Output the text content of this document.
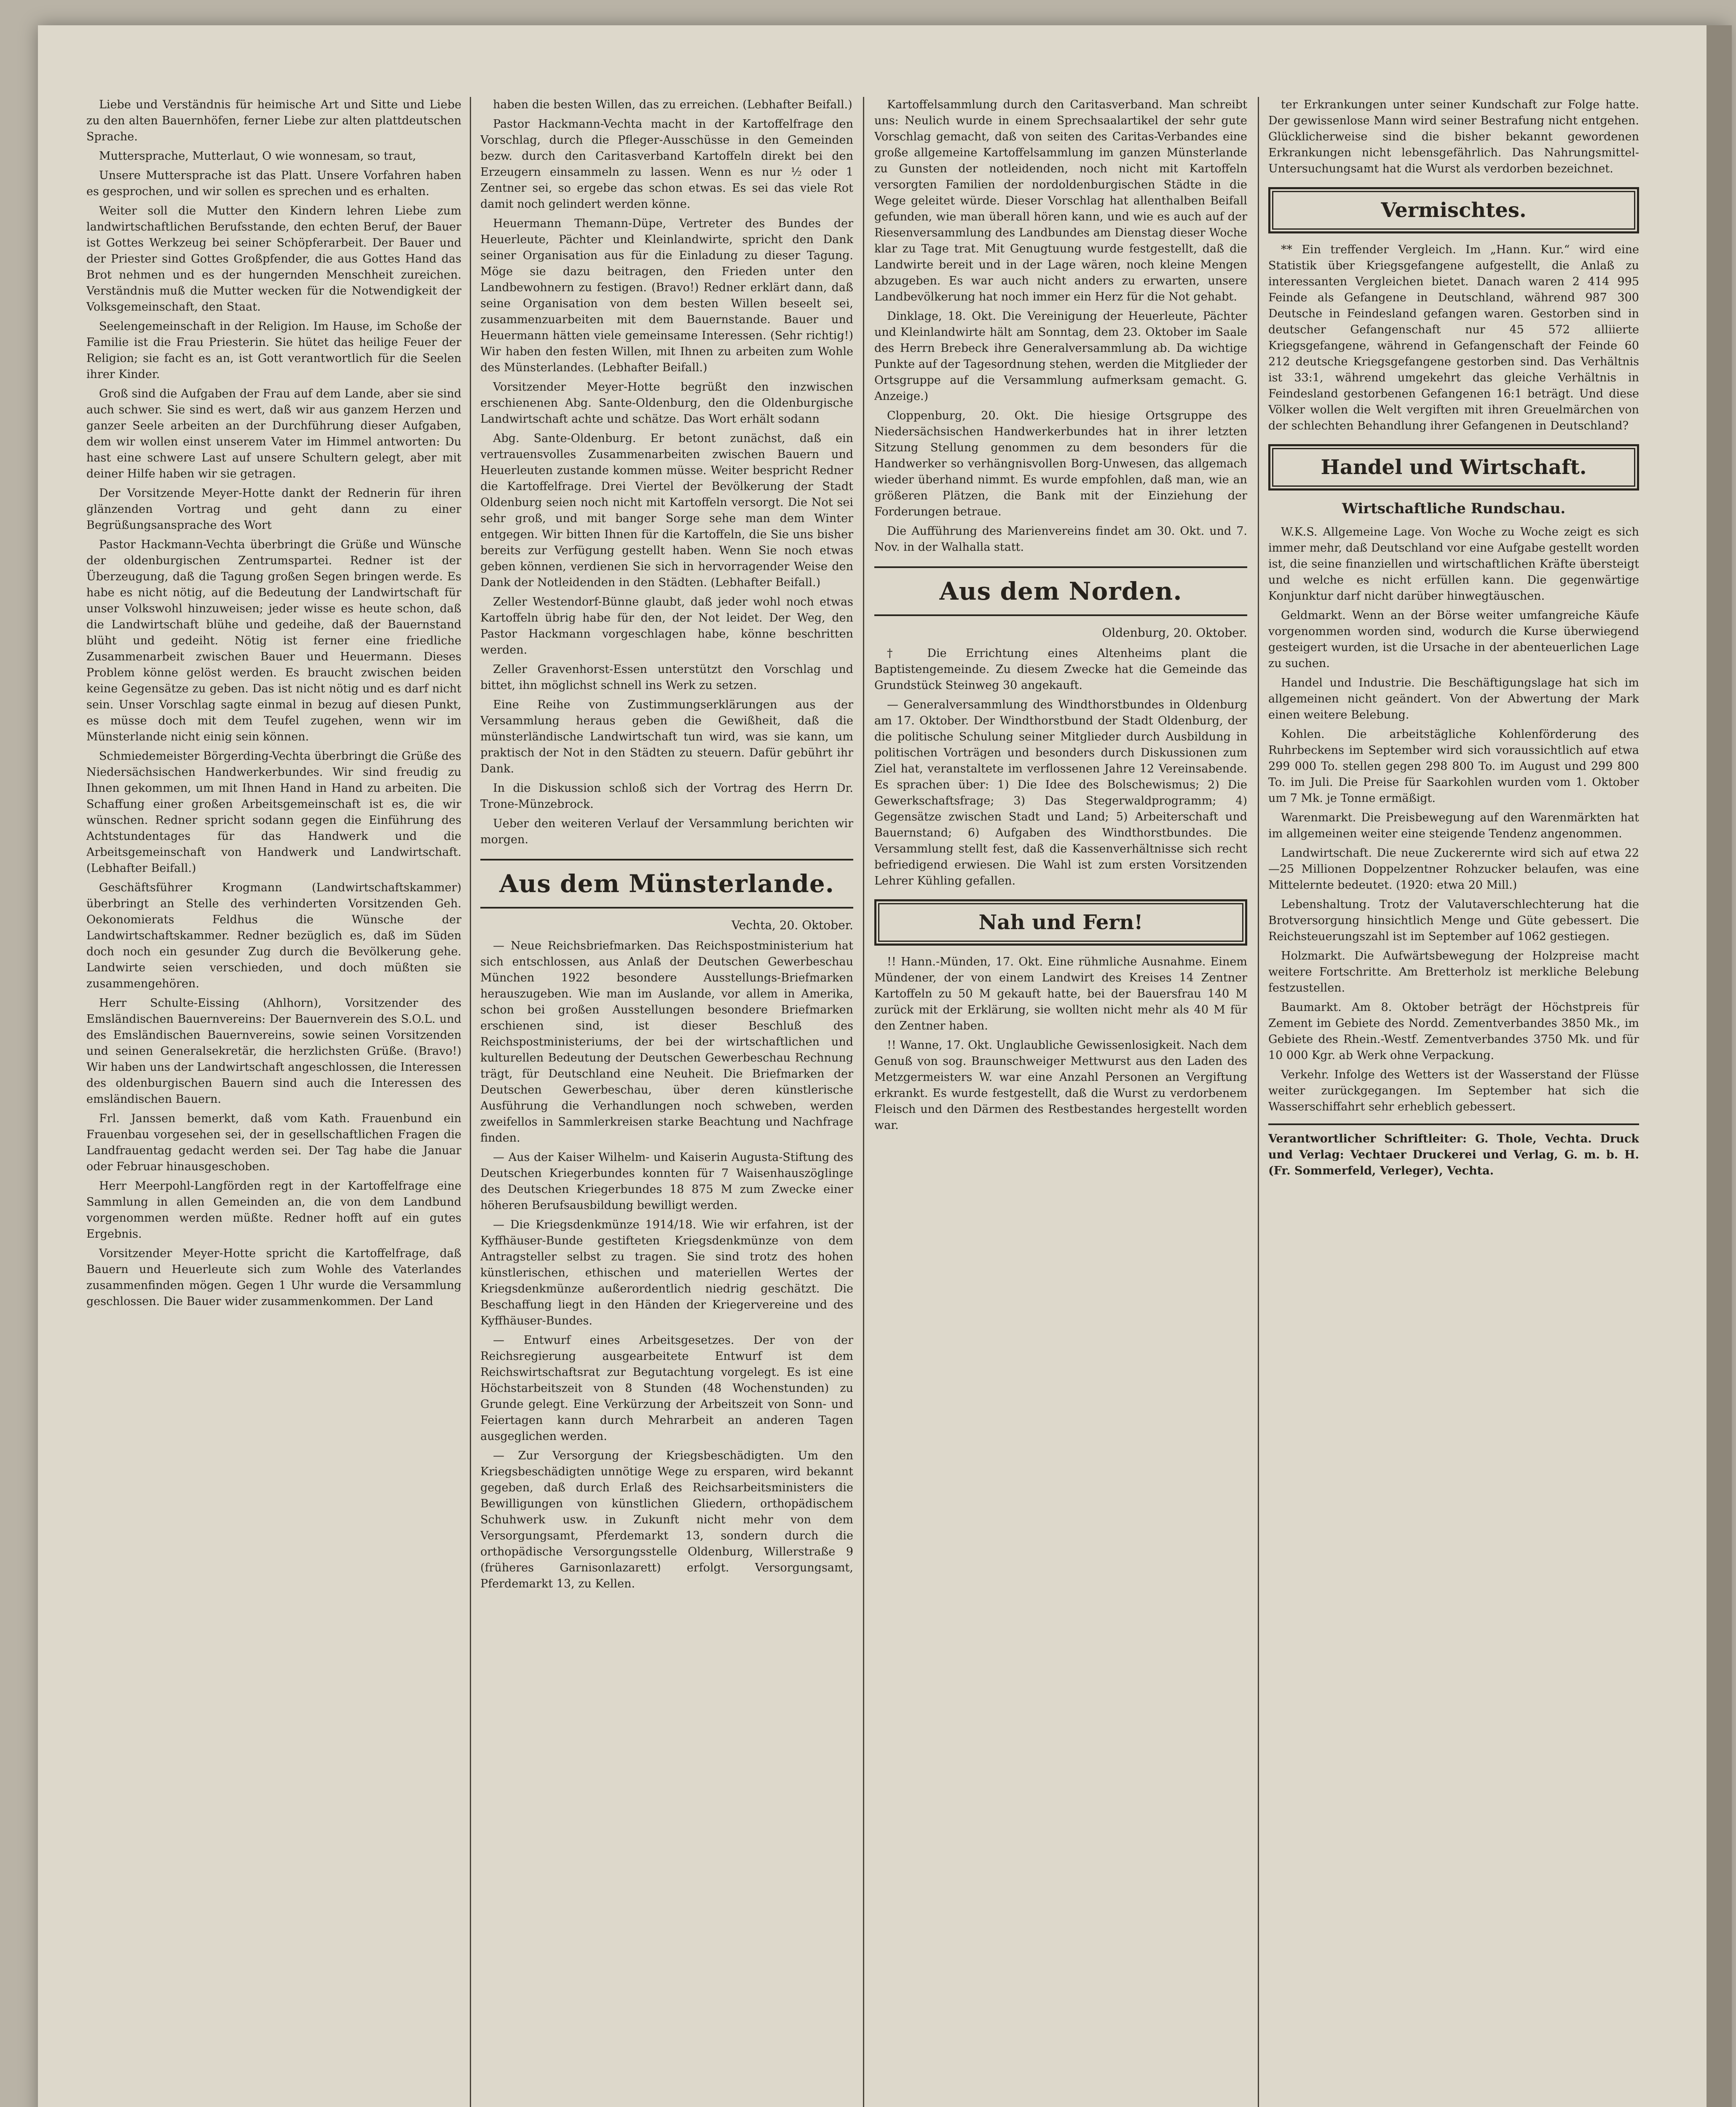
Liebe und Verständnis für heimische Art und Sitte und Liebe zu den alten Bauernhöfen, ferner Liebe zur alten plattdeutschen Sprache.

Muttersprache, Mutterlaut, O wie wonnesam, so traut,

Unsere Muttersprache ist das Platt. Unsere Vorfahren haben es gesprochen, und wir sollen es sprechen und es erhalten.

Weiter soll die Mutter den Kindern lehren Liebe zum landwirtschaftlichen Berufsstande, den echten Beruf, der Bauer ist Gottes Werkzeug bei seiner Schöpferarbeit. Der Bauer und der Priester sind Gottes Großpfender, die aus Gottes Hand das Brot nehmen und es der hungernden Menschheit zureichen. Verständnis muß die Mutter wecken für die Notwendigkeit der Volksgemeinschaft, den Staat.

Seelengemeinschaft in der Religion. Im Hause, im Schoße der Familie ist die Frau Priesterin. Sie hütet das heilige Feuer der Religion; sie facht es an, ist Gott verantwortlich für die Seelen ihrer Kinder.

Groß sind die Aufgaben der Frau auf dem Lande, aber sie sind auch schwer. Sie sind es wert, daß wir aus ganzem Herzen und ganzer Seele arbeiten an der Durchführung dieser Aufgaben, dem wir wollen einst unserem Vater im Himmel antworten: Du hast eine schwere Last auf unsere Schultern gelegt, aber mit deiner Hilfe haben wir sie getragen.

Der Vorsitzende Meyer-Hotte dankt der Rednerin für ihren glänzenden Vortrag und geht dann zu einer Begrüßungsansprache des Wort

Pastor Hackmann-Vechta überbringt die Grüße und Wünsche der oldenburgischen Zentrumspartei. Redner ist der Überzeugung, daß die Tagung großen Segen bringen werde. Es habe es nicht nötig, auf die Bedeutung der Landwirtschaft für unser Volkswohl hinzuweisen; jeder wisse es heute schon, daß die Landwirtschaft blühe und gedeihe, daß der Bauernstand blüht und gedeiht. Nötig ist ferner eine friedliche Zusammenarbeit zwischen Bauer und Heuermann. Dieses Problem könne gelöst werden. Es braucht zwischen beiden keine Gegensätze zu geben. Das ist nicht nötig und es darf nicht sein. Unser Vorschlag sagte einmal in bezug auf diesen Punkt, es müsse doch mit dem Teufel zugehen, wenn wir im Münsterlande nicht einig sein können.

Schmiedemeister Börgerding-Vechta überbringt die Grüße des Niedersächsischen Handwerkerbundes. Wir sind freudig zu Ihnen gekommen, um mit Ihnen Hand in Hand zu arbeiten. Die Schaffung einer großen Arbeitsgemeinschaft ist es, die wir wünschen. Redner spricht sodann gegen die Einführung des Achtstundentages für das Handwerk und die Arbeitsgemeinschaft von Handwerk und Landwirtschaft. (Lebhafter Beifall.)

Geschäftsführer Krogmann (Landwirtschaftskammer) überbringt an Stelle des verhinderten Vorsitzenden Geh. Oekonomierats Feldhus die Wünsche der Landwirtschaftskammer. Redner bezüglich es, daß im Süden doch noch ein gesunder Zug durch die Bevölkerung gehe. Landwirte seien verschieden, und doch müßten sie zusammengehören.

Herr Schulte-Eissing (Ahlhorn), Vorsitzender des Emsländischen Bauernvereins: Der Bauernverein des S.O.L. und des Emsländischen Bauernvereins, sowie seinen Vorsitzenden und seinen Generalsekretär, die herzlichsten Grüße. (Bravo!) Wir haben uns der Landwirtschaft angeschlossen, die Interessen des oldenburgischen Bauern sind auch die Interessen des emsländischen Bauern.

Frl. Janssen bemerkt, daß vom Kath. Frauenbund ein Frauenbau vorgesehen sei, der in gesellschaftlichen Fragen die Landfrauentag gedacht werden sei. Der Tag habe die Januar oder Februar hinausgeschoben.

Herr Meerpohl-Langförden regt in der Kartoffelfrage eine Sammlung in allen Gemeinden an, die von dem Landbund vorgenommen werden müßte. Redner hofft auf ein gutes Ergebnis.

Vorsitzender Meyer-Hotte spricht die Kartoffelfrage, daß Bauern und Heuerleute sich zum Wohle des Vaterlandes zusammenfinden mögen. Gegen 1 Uhr wurde die Versammlung geschlossen. Die Bauer wider zusammenkommen. Der Land

haben die besten Willen, das zu erreichen. (Lebhafter Beifall.)

Pastor Hackmann-Vechta macht in der Kartoffelfrage den Vorschlag, durch die Pfleger-Ausschüsse in den Gemeinden bezw. durch den Caritasverband Kartoffeln direkt bei den Erzeugern einsammeln zu lassen. Wenn es nur ½ oder 1 Zentner sei, so ergebe das schon etwas. Es sei das viele Rot damit noch gelindert werden könne.

Heuermann Themann-Düpe, Vertreter des Bundes der Heuerleute, Pächter und Kleinlandwirte, spricht den Dank seiner Organisation aus für die Einladung zu dieser Tagung. Möge sie dazu beitragen, den Frieden unter den Landbewohnern zu festigen. (Bravo!) Redner erklärt dann, daß seine Organisation von dem besten Willen beseelt sei, zusammenzuarbeiten mit dem Bauernstande. Bauer und Heuermann hätten viele gemeinsame Interessen. (Sehr richtig!) Wir haben den festen Willen, mit Ihnen zu arbeiten zum Wohle des Münsterlandes. (Lebhafter Beifall.)

Vorsitzender Meyer-Hotte begrüßt den inzwischen erschienenen Abg. Sante-Oldenburg, den die Oldenburgische Landwirtschaft achte und schätze. Das Wort erhält sodann

Abg. Sante-Oldenburg. Er betont zunächst, daß ein vertrauensvolles Zusammenarbeiten zwischen Bauern und Heuerleuten zustande kommen müsse. Weiter bespricht Redner die Kartoffelfrage. Drei Viertel der Bevölkerung der Stadt Oldenburg seien noch nicht mit Kartoffeln versorgt. Die Not sei sehr groß, und mit banger Sorge sehe man dem Winter entgegen. Wir bitten Ihnen für die Kartoffeln, die Sie uns bisher bereits zur Verfügung gestellt haben. Wenn Sie noch etwas geben können, verdienen Sie sich in hervorragender Weise den Dank der Notleidenden in den Städten. (Lebhafter Beifall.)

Zeller Westendorf-Bünne glaubt, daß jeder wohl noch etwas Kartoffeln übrig habe für den, der Not leidet. Der Weg, den Pastor Hackmann vorgeschlagen habe, könne beschritten werden.

Zeller Gravenhorst-Essen unterstützt den Vorschlag und bittet, ihn möglichst schnell ins Werk zu setzen.

Eine Reihe von Zustimmungserklärungen aus der Versammlung heraus geben die Gewißheit, daß die münsterländische Landwirtschaft tun wird, was sie kann, um praktisch der Not in den Städten zu steuern. Dafür gebührt ihr Dank.

In die Diskussion schloß sich der Vortrag des Herrn Dr. Trone-Münzebrock.

Ueber den weiteren Verlauf der Versammlung berichten wir morgen.

Aus dem Münsterlande.
Vechta, 20. Oktober.

— Neue Reichsbriefmarken. Das Reichspostministerium hat sich entschlossen, aus Anlaß der Deutschen Gewerbeschau München 1922 besondere Ausstellungs-Briefmarken herauszugeben. Wie man im Auslande, vor allem in Amerika, schon bei großen Ausstellungen besondere Briefmarken erschienen sind, ist dieser Beschluß des Reichspostministeriums, der bei der wirtschaftlichen und kulturellen Bedeutung der Deutschen Gewerbeschau Rechnung trägt, für Deutschland eine Neuheit. Die Briefmarken der Deutschen Gewerbeschau, über deren künstlerische Ausführung die Verhandlungen noch schweben, werden zweifellos in Sammlerkreisen starke Beachtung und Nachfrage finden.

— Aus der Kaiser Wilhelm- und Kaiserin Augusta-Stiftung des Deutschen Kriegerbundes konnten für 7 Waisenhauszöglinge des Deutschen Kriegerbundes 18 875 M zum Zwecke einer höheren Berufsausbildung bewilligt werden.

— Die Kriegsdenkmünze 1914/18. Wie wir erfahren, ist der Kyffhäuser-Bunde gestifteten Kriegsdenkmünze von dem Antragsteller selbst zu tragen. Sie sind trotz des hohen künstlerischen, ethischen und materiellen Wertes der Kriegsdenkmünze außerordentlich niedrig geschätzt. Die Beschaffung liegt in den Händen der Kriegervereine und des Kyffhäuser-Bundes.

— Entwurf eines Arbeitsgesetzes. Der von der Reichsregierung ausgearbeitete Entwurf ist dem Reichswirtschaftsrat zur Begutachtung vorgelegt. Es ist eine Höchstarbeitszeit von 8 Stunden (48 Wochenstunden) zu Grunde gelegt. Eine Verkürzung der Arbeitszeit von Sonn- und Feiertagen kann durch Mehrarbeit an anderen Tagen ausgeglichen werden.

— Zur Versorgung der Kriegsbeschädigten. Um den Kriegsbeschädigten unnötige Wege zu ersparen, wird bekannt gegeben, daß durch Erlaß des Reichsarbeitsministers die Bewilligungen von künstlichen Gliedern, orthopädischem Schuhwerk usw. in Zukunft nicht mehr von dem Versorgungsamt, Pferdemarkt 13, sondern durch die orthopädische Versorgungsstelle Oldenburg, Willerstraße 9 (früheres Garnisonlazarett) erfolgt. Versorgungsamt, Pferdemarkt 13, zu Kellen.

Kartoffelsammlung durch den Caritasverband. Man schreibt uns: Neulich wurde in einem Sprechsaalartikel der sehr gute Vorschlag gemacht, daß von seiten des Caritas-Verbandes eine große allgemeine Kartoffelsammlung im ganzen Münsterlande zu Gunsten der notleidenden, noch nicht mit Kartoffeln versorgten Familien der nordoldenburgischen Städte in die Wege geleitet würde. Dieser Vorschlag hat allenthalben Beifall gefunden, wie man überall hören kann, und wie es auch auf der Riesenversammlung des Landbundes am Dienstag dieser Woche klar zu Tage trat. Mit Genugtuung wurde festgestellt, daß die Landwirte bereit und in der Lage wären, noch kleine Mengen abzugeben. Es war auch nicht anders zu erwarten, unsere Landbevölkerung hat noch immer ein Herz für die Not gehabt.

Dinklage, 18. Okt. Die Vereinigung der Heuerleute, Pächter und Kleinlandwirte hält am Sonntag, dem 23. Oktober im Saale des Herrn Brebeck ihre Generalversammlung ab. Da wichtige Punkte auf der Tagesordnung stehen, werden die Mitglieder der Ortsgruppe auf die Versammlung aufmerksam gemacht. G. Anzeige.)

Cloppenburg, 20. Okt. Die hiesige Ortsgruppe des Niedersächsischen Handwerkerbundes hat in ihrer letzten Sitzung Stellung genommen zu dem besonders für die Handwerker so verhängnisvollen Borg-Unwesen, das allgemach wieder überhand nimmt. Es wurde empfohlen, daß man, wie an größeren Plätzen, die Bank mit der Einziehung der Forderungen betraue.

Die Aufführung des Marienvereins findet am 30. Okt. und 7. Nov. in der Walhalla statt.

Aus dem Norden.
Oldenburg, 20. Oktober.

† Die Errichtung eines Altenheims plant die Baptistengemeinde. Zu diesem Zwecke hat die Gemeinde das Grundstück Steinweg 30 angekauft.

— Generalversammlung des Windthorstbundes in Oldenburg am 17. Oktober. Der Windthorstbund der Stadt Oldenburg, der die politische Schulung seiner Mitglieder durch Ausbildung in politischen Vorträgen und besonders durch Diskussionen zum Ziel hat, veranstaltete im verflossenen Jahre 12 Vereinsabende. Es sprachen über: 1) Die Idee des Bolschewismus; 2) Die Gewerkschaftsfrage; 3) Das Stegerwaldprogramm; 4) Gegensätze zwischen Stadt und Land; 5) Arbeiterschaft und Bauernstand; 6) Aufgaben des Windthorstbundes. Die Versammlung stellt fest, daß die Kassenverhältnisse sich recht befriedigend erwiesen. Die Wahl ist zum ersten Vorsitzenden Lehrer Kühling gefallen.

Nah und Fern!

!! Hann.-Münden, 17. Okt. Eine rühmliche Ausnahme. Einem Mündener, der von einem Landwirt des Kreises 14 Zentner Kartoffeln zu 50 M gekauft hatte, bei der Bauersfrau 140 M zurück mit der Erklärung, sie wollten nicht mehr als 40 M für den Zentner haben.

!! Wanne, 17. Okt. Unglaubliche Gewissenlosigkeit. Nach dem Genuß von sog. Braunschweiger Mettwurst aus den Laden des Metzgermeisters W. war eine Anzahl Personen an Vergiftung erkrankt. Es wurde festgestellt, daß die Wurst zu verdorbenem Fleisch und den Därmen des Restbestandes hergestellt worden war.

ter Erkrankungen unter seiner Kundschaft zur Folge hatte. Der gewissenlose Mann wird seiner Bestrafung nicht entgehen. Glücklicherweise sind die bisher bekannt gewordenen Erkrankungen nicht lebensgefährlich. Das Nahrungsmittel-Untersuchungsamt hat die Wurst als verdorben bezeichnet.

Vermischtes.

** Ein treffender Vergleich. Im „Hann. Kur.“ wird eine Statistik über Kriegsgefangene aufgestellt, die Anlaß zu interessanten Vergleichen bietet. Danach waren 2 414 995 Feinde als Gefangene in Deutschland, während 987 300 Deutsche in Feindesland gefangen waren. Gestorben sind in deutscher Gefangenschaft nur 45 572 alliierte Kriegsgefangene, während in Gefangenschaft der Feinde 60 212 deutsche Kriegsgefangene gestorben sind. Das Verhältnis ist 33:1, während umgekehrt das gleiche Verhältnis in Feindesland gestorbenen Gefangenen 16:1 beträgt. Und diese Völker wollen die Welt vergiften mit ihren Greuelmärchen von der schlechten Behandlung ihrer Gefangenen in Deutschland?

Handel und Wirtschaft.
Wirtschaftliche Rundschau.

W.K.S. Allgemeine Lage. Von Woche zu Woche zeigt es sich immer mehr, daß Deutschland vor eine Aufgabe gestellt worden ist, die seine finanziellen und wirtschaftlichen Kräfte übersteigt und welche es nicht erfüllen kann. Die gegenwärtige Konjunktur darf nicht darüber hinwegtäuschen.

Geldmarkt. Wenn an der Börse weiter umfangreiche Käufe vorgenommen worden sind, wodurch die Kurse überwiegend gesteigert wurden, ist die Ursache in der abenteuerlichen Lage zu suchen.

Handel und Industrie. Die Beschäftigungslage hat sich im allgemeinen nicht geändert. Von der Abwertung der Mark einen weitere Belebung.

Kohlen. Die arbeitstägliche Kohlenförderung des Ruhrbeckens im September wird sich voraussichtlich auf etwa 299 000 To. stellen gegen 298 800 To. im August und 299 800 To. im Juli. Die Preise für Saarkohlen wurden vom 1. Oktober um 7 Mk. je Tonne ermäßigt.

Warenmarkt. Die Preisbewegung auf den Warenmärkten hat im allgemeinen weiter eine steigende Tendenz angenommen.

Landwirtschaft. Die neue Zuckerernte wird sich auf etwa 22—25 Millionen Doppelzentner Rohzucker belaufen, was eine Mittelernte bedeutet. (1920: etwa 20 Mill.)

Lebenshaltung. Trotz der Valutaverschlechterung hat die Brotversorgung hinsichtlich Menge und Güte gebessert. Die Reichsteuerungszahl ist im September auf 1062 gestiegen.

Holzmarkt. Die Aufwärtsbewegung der Holzpreise macht weitere Fortschritte. Am Bretterholz ist merkliche Belebung festzustellen.

Baumarkt. Am 8. Oktober beträgt der Höchstpreis für Zement im Gebiete des Nordd. Zementverbandes 3850 Mk., im Gebiete des Rhein.-Westf. Zementverbandes 3750 Mk. und für 10 000 Kgr. ab Werk ohne Verpackung.

Verkehr. Infolge des Wetters ist der Wasserstand der Flüsse weiter zurückgegangen. Im September hat sich die Wasserschiffahrt sehr erheblich gebessert.

Verantwortlicher Schriftleiter: G. Thole, Vechta. Druck und Verlag: Vechtaer Druckerei und Verlag, G. m. b. H. (Fr. Sommerfeld, Verleger), Vechta.
